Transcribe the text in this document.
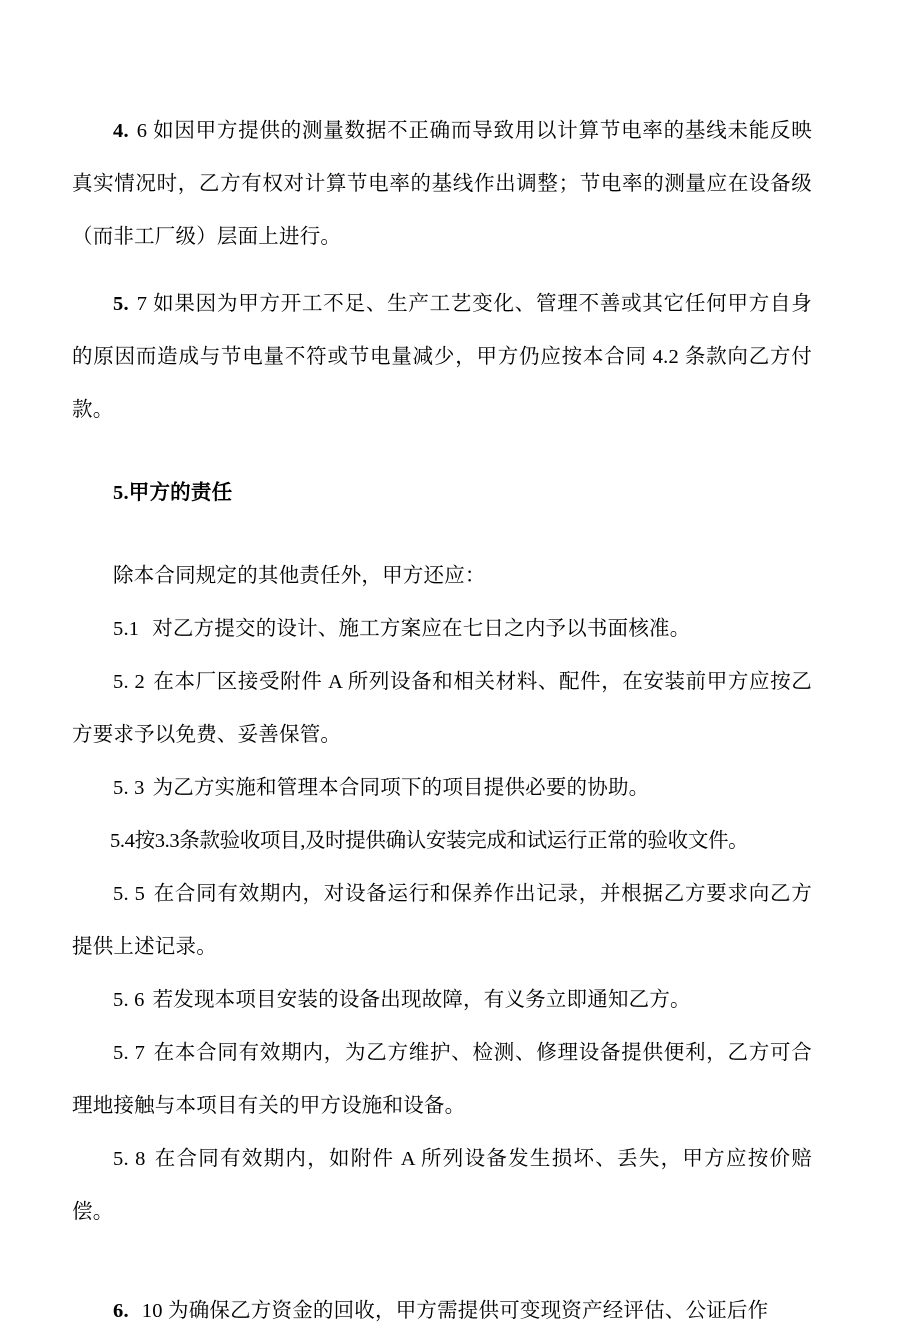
4. 6 如因甲方提供的测量数据不正确而导致用以计算节电率的基线未能反映真实情况时，乙方有权对计算节电率的基线作出调整；节电率的测量应在设备级（而非工厂级）层面上进行。

5. 7 如果因为甲方开工不足、生产工艺变化、管理不善或其它任何甲方自身的原因而造成与节电量不符或节电量减少，甲方仍应按本合同 4.2 条款向乙方付款。

5.甲方的责任

除本合同规定的其他责任外，甲方还应：

5.1 对乙方提交的设计、施工方案应在七日之内予以书面核准。

5. 2 在本厂区接受附件 A 所列设备和相关材料、配件，在安装前甲方应按乙方要求予以免费、妥善保管。

5. 3 为乙方实施和管理本合同项下的项目提供必要的协助。

5.4按3.3条款验收项目,及时提供确认安装完成和试运行正常的验收文件。

5. 5 在合同有效期内，对设备运行和保养作出记录，并根据乙方要求向乙方提供上述记录。

5. 6 若发现本项目安装的设备出现故障，有义务立即通知乙方。

5. 7 在本合同有效期内，为乙方维护、检测、修理设备提供便利，乙方可合理地接触与本项目有关的甲方设施和设备。

5. 8 在合同有效期内，如附件 A 所列设备发生损坏、丢失，甲方应按价赔偿。

6. 10 为确保乙方资金的回收，甲方需提供可变现资产经评估、公证后作
